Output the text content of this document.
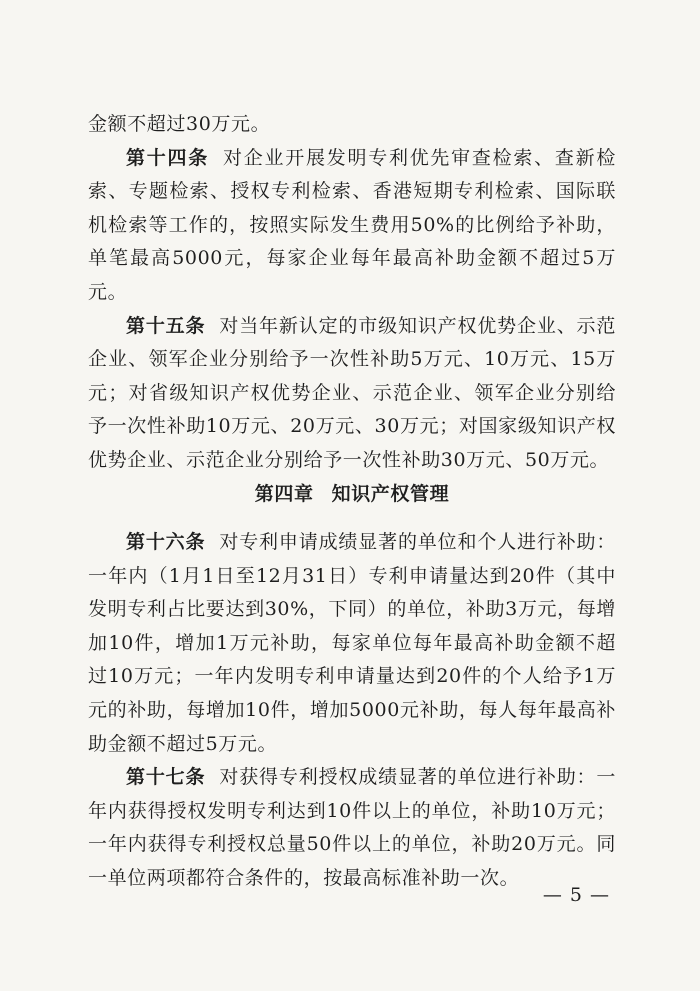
金额不超过30万元。

第十四条 对企业开展发明专利优先审查检索、查新检索、专题检索、授权专利检索、香港短期专利检索、国际联机检索等工作的，按照实际发生费用50%的比例给予补助，单笔最高5000元，每家企业每年最高补助金额不超过5万元。

第十五条 对当年新认定的市级知识产权优势企业、示范企业、领军企业分别给予一次性补助5万元、10万元、15万元；对省级知识产权优势企业、示范企业、领军企业分别给予一次性补助10万元、20万元、30万元；对国家级知识产权优势企业、示范企业分别给予一次性补助30万元、50万元。

第四章 知识产权管理

第十六条 对专利申请成绩显著的单位和个人进行补助：一年内（1月1日至12月31日）专利申请量达到20件（其中发明专利占比要达到30%，下同）的单位，补助3万元，每增加10件，增加1万元补助，每家单位每年最高补助金额不超过10万元；一年内发明专利申请量达到20件的个人给予1万元的补助，每增加10件，增加5000元补助，每人每年最高补助金额不超过5万元。

第十七条 对获得专利授权成绩显著的单位进行补助：一年内获得授权发明专利达到10件以上的单位，补助10万元；一年内获得专利授权总量50件以上的单位，补助20万元。同一单位两项都符合条件的，按最高标准补助一次。

— 5 —
